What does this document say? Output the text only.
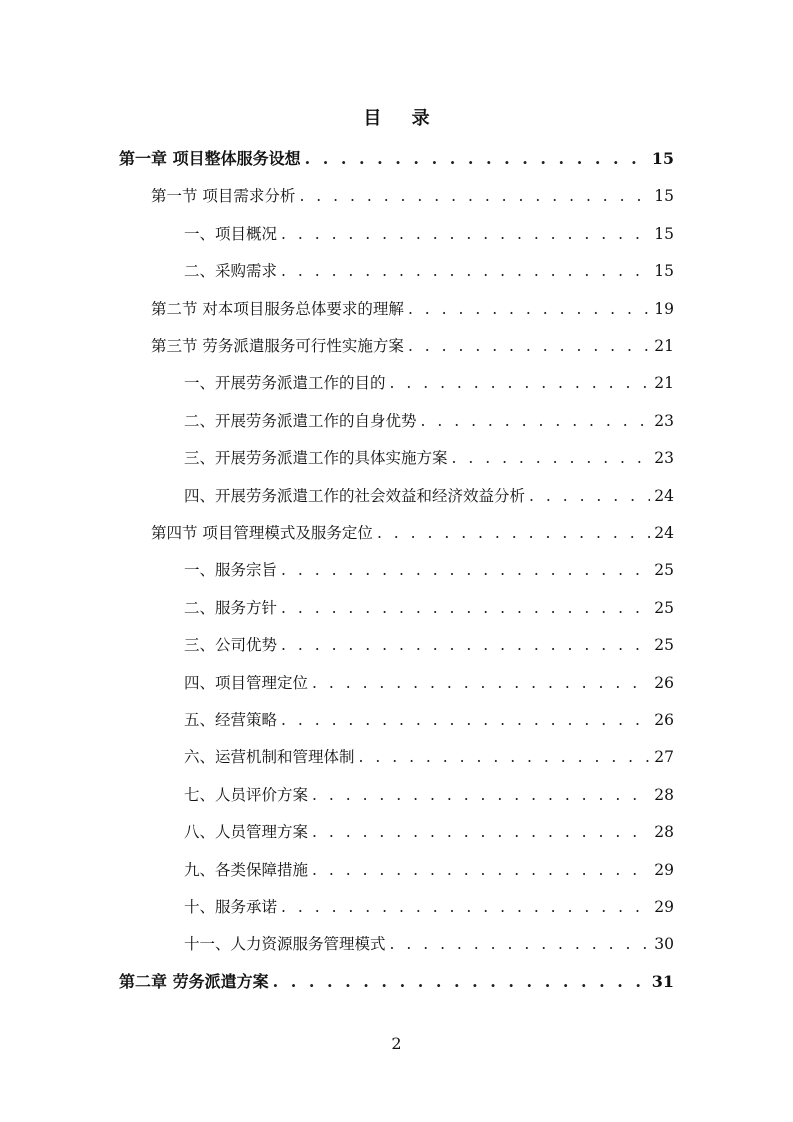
目 录
第一章 项目整体服务设想 . . .	15
第一节 项目需求分析 . . .	15
一、项目概况 . . .	15
二、采购需求 . . .	15
第二节 对本项目服务总体要求的理解 . . .	19
第三节 劳务派遣服务可行性实施方案 . . .	21
一、开展劳务派遣工作的目的 . . .	21
二、开展劳务派遣工作的自身优势 . . .	23
三、开展劳务派遣工作的具体实施方案 . . .	23
四、开展劳务派遣工作的社会效益和经济效益分析 . . .	24
第四节 项目管理模式及服务定位 . . .	24
一、服务宗旨 . . .	25
二、服务方针 . . .	25
三、公司优势 . . .	25
四、项目管理定位 . . .	26
五、经营策略 . . .	26
六、运营机制和管理体制 . . .	27
七、人员评价方案 . . .	28
八、人员管理方案 . . .	28
九、各类保障措施 . . .	29
十、服务承诺 . . .	29
十一、人力资源服务管理模式 . . .	30
第二章 劳务派遣方案 . . .	31
2
